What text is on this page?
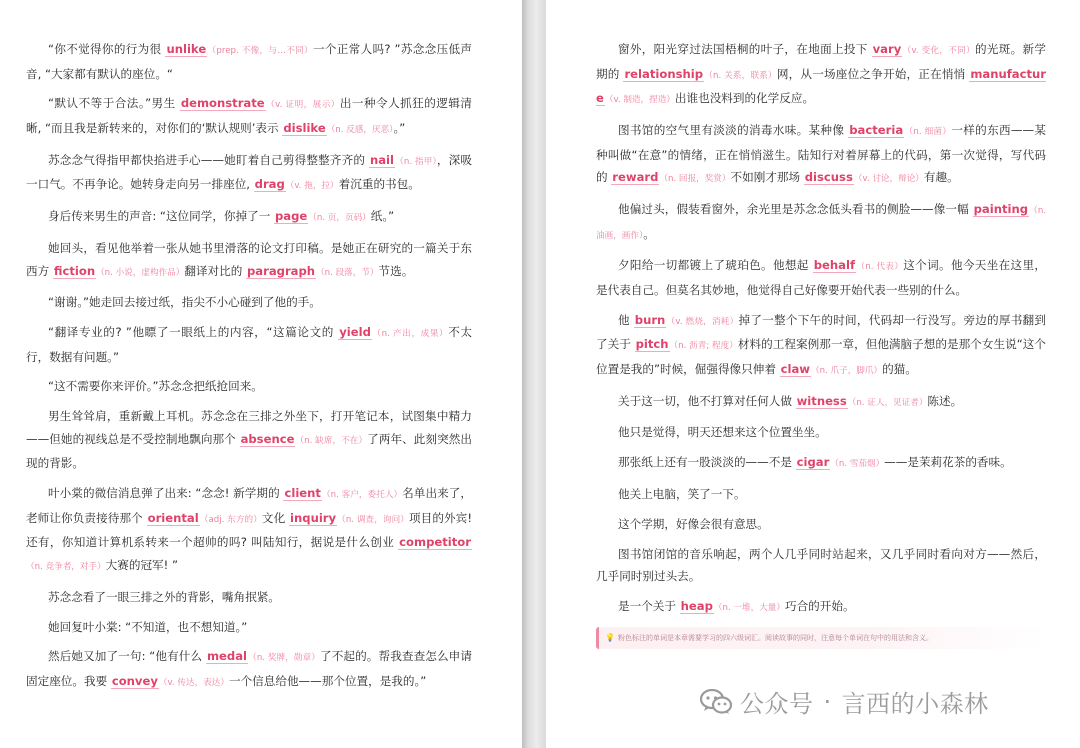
“你不觉得你的行为很 unlike（prep. 不像，与…不同）一个正常人吗? ”苏念念压低声音, “大家都有默认的座位。“

“默认不等于合法。”男生 demonstrate（v. 证明，展示）出一种令人抓狂的逻辑清晰, “而且我是新转来的，对你们的‘默认规则’表示 dislike（n. 反感，厌恶）。”

苏念念气得指甲都快掐进手心——她盯着自己剪得整整齐齐的 nail（n. 指甲），深吸一口气。不再争论。她转身走向另一排座位, drag（v. 拖，拉）着沉重的书包。

身后传来男生的声音: “这位同学，你掉了一 page（n. 页，页码）纸。”

她回头，看见他举着一张从她书里滑落的论文打印稿。是她正在研究的一篇关于东西方 fiction（n. 小说，虚构作品）翻译对比的 paragraph（n. 段落，节）节选。

“谢谢。”她走回去接过纸，指尖不小心碰到了他的手。

“翻译专业的? ”他瞟了一眼纸上的内容，“这篇论文的 yield（n. 产出，成果）不太行，数据有问题。”

“这不需要你来评价。”苏念念把纸抢回来。

男生耸耸肩，重新戴上耳机。苏念念在三排之外坐下，打开笔记本，试图集中精力——但她的视线总是不受控制地飘向那个 absence（n. 缺席，不在）了两年、此刻突然出现的背影。

叶小棠的微信消息弹了出来: “念念! 新学期的 client（n. 客户，委托人）名单出来了，老师让你负责接待那个 oriental（adj. 东方的）文化 inquiry（n. 调查，询问）项目的外宾! 还有，你知道计算机系转来一个超帅的吗? 叫陆知行，据说是什么创业 competitor（n. 竞争者，对手）大赛的冠军! ”

苏念念看了一眼三排之外的背影，嘴角抿紧。

她回复叶小棠: “不知道，也不想知道。”

然后她又加了一句: “他有什么 medal（n. 奖牌，勋章）了不起的。帮我查查怎么申请固定座位。我要 convey（v. 传达，表达）一个信息给他——那个位置，是我的。”

窗外，阳光穿过法国梧桐的叶子，在地面上投下 vary（v. 变化，不同）的光斑。新学期的 relationship（n. 关系，联系）网，从一场座位之争开始，正在悄悄 manufacture（v. 制造，捏造）出谁也没料到的化学反应。

图书馆的空气里有淡淡的消毒水味。某种像 bacteria（n. 细菌）一样的东西——某种叫做“在意”的情绪，正在悄悄滋生。陆知行对着屏幕上的代码，第一次觉得，写代码的 reward（n. 回报，奖赏）不如刚才那场 discuss（v. 讨论，辩论）有趣。

他偏过头，假装看窗外，余光里是苏念念低头看书的侧脸——像一幅 painting（n. 油画，画作）。

夕阳给一切都镀上了琥珀色。他想起 behalf（n. 代表）这个词。他今天坐在这里，是代表自己。但莫名其妙地，他觉得自己好像要开始代表一些别的什么。

他 burn（v. 燃烧，消耗）掉了一整个下午的时间，代码却一行没写。旁边的厚书翻到了关于 pitch（n. 沥青; 程度）材料的工程案例那一章，但他满脑子想的是那个女生说“这个位置是我的”时候，倔强得像只伸着 claw（n. 爪子，脚爪）的猫。

关于这一切，他不打算对任何人做 witness（n. 证人，见证者）陈述。

他只是觉得，明天还想来这个位置坐坐。

那张纸上还有一股淡淡的——不是 cigar（n. 雪茄烟）——是茉莉花茶的香味。

他关上电脑，笑了一下。

这个学期，好像会很有意思。

图书馆闭馆的音乐响起，两个人几乎同时站起来，又几乎同时看向对方——然后，几乎同时别过头去。

是一个关于 heap（n. 一堆，大量）巧合的开始。

💡 粉色标注的单词是本章需要学习的四六级词汇。阅读故事的同时，注意每个单词在句中的用法和含义。
公众号 · 言西的小森林
